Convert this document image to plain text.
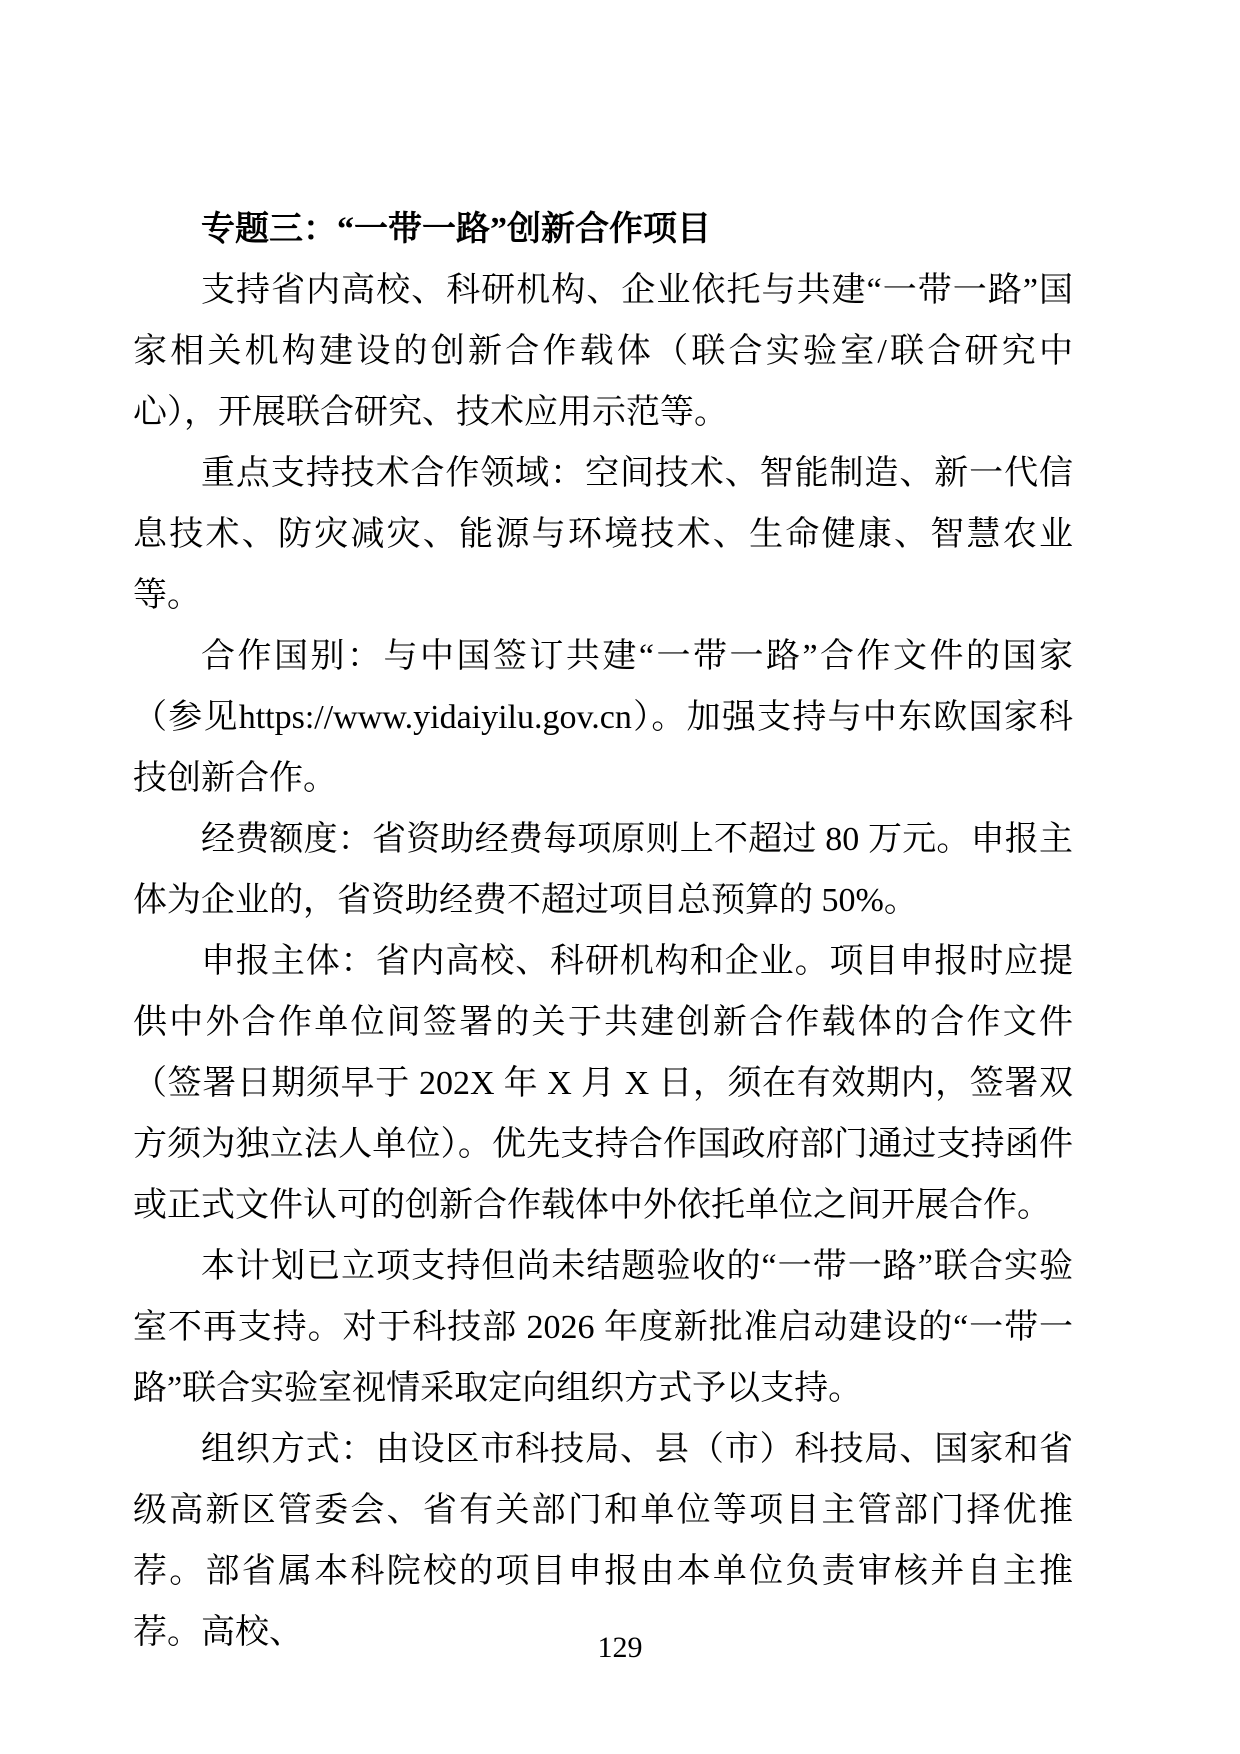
专题三：“一带一路”创新合作项目

支持省内高校、科研机构、企业依托与共建“一带一路”国家相关机构建设的创新合作载体（联合实验室/联合研究中心），开展联合研究、技术应用示范等。

重点支持技术合作领域：空间技术、智能制造、新一代信息技术、防灾减灾、能源与环境技术、生命健康、智慧农业等。

合作国别：与中国签订共建“一带一路”合作文件的国家（参见https://www.yidaiyilu.gov.cn）。加强支持与中东欧国家科技创新合作。

经费额度：省资助经费每项原则上不超过 80 万元。申报主体为企业的，省资助经费不超过项目总预算的 50%。

申报主体：省内高校、科研机构和企业。项目申报时应提供中外合作单位间签署的关于共建创新合作载体的合作文件（签署日期须早于 202X 年 X 月 X 日，须在有效期内，签署双方须为独立法人单位）。优先支持合作国政府部门通过支持函件或正式文件认可的创新合作载体中外依托单位之间开展合作。

本计划已立项支持但尚未结题验收的“一带一路”联合实验室不再支持。对于科技部 2026 年度新批准启动建设的“一带一路”联合实验室视情采取定向组织方式予以支持。

组织方式：由设区市科技局、县（市）科技局、国家和省级高新区管委会、省有关部门和单位等项目主管部门择优推荐。部省属本科院校的项目申报由本单位负责审核并自主推荐。高校、	129
